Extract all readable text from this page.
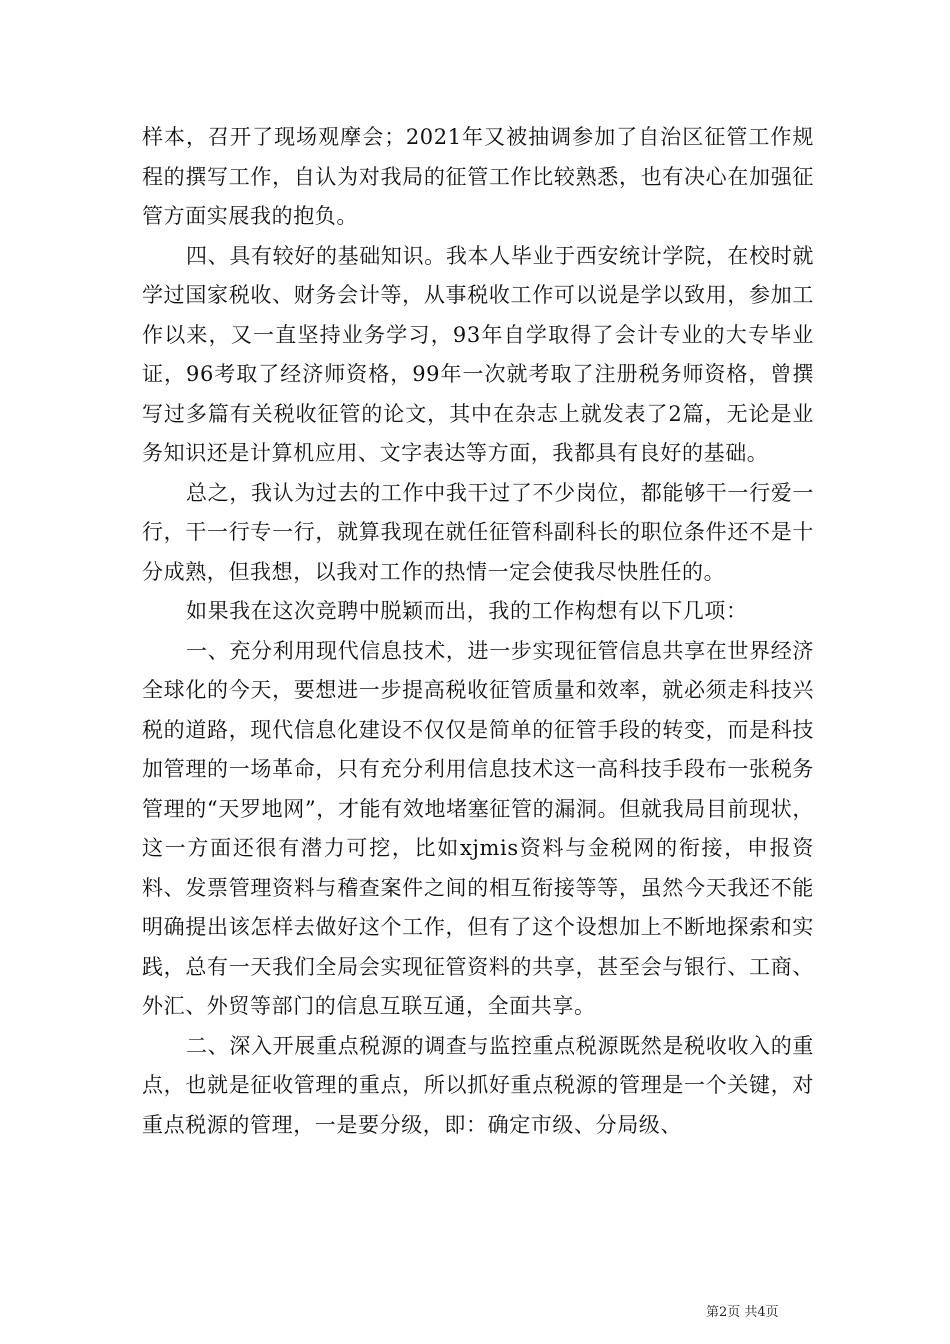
样本，召开了现场观摩会；2021年又被抽调参加了自治区征管工作规程的撰写工作，自认为对我局的征管工作比较熟悉，也有决心在加强征管方面实展我的抱负。

四、具有较好的基础知识。我本人毕业于西安统计学院，在校时就学过国家税收、财务会计等，从事税收工作可以说是学以致用，参加工作以来，又一直坚持业务学习，93年自学取得了会计专业的大专毕业证，96考取了经济师资格，99年一次就考取了注册税务师资格，曾撰写过多篇有关税收征管的论文，其中在杂志上就发表了2篇，无论是业务知识还是计算机应用、文字表达等方面，我都具有良好的基础。

总之，我认为过去的工作中我干过了不少岗位，都能够干一行爱一行，干一行专一行，就算我现在就任征管科副科长的职位条件还不是十分成熟，但我想，以我对工作的热情一定会使我尽快胜任的。

如果我在这次竞聘中脱颖而出，我的工作构想有以下几项：

一、充分利用现代信息技术，进一步实现征管信息共享在世界经济全球化的今天，要想进一步提高税收征管质量和效率，就必须走科技兴税的道路，现代信息化建设不仅仅是简单的征管手段的转变，而是科技加管理的一场革命，只有充分利用信息技术这一高科技手段布一张税务管理的“天罗地网”，才能有效地堵塞征管的漏洞。但就我局目前现状，这一方面还很有潜力可挖，比如xjmis资料与金税网的衔接，申报资料、发票管理资料与稽查案件之间的相互衔接等等，虽然今天我还不能明确提出该怎样去做好这个工作，但有了这个设想加上不断地探索和实践，总有一天我们全局会实现征管资料的共享，甚至会与银行、工商、外汇、外贸等部门的信息互联互通，全面共享。

二、深入开展重点税源的调查与监控重点税源既然是税收收入的重点，也就是征收管理的重点，所以抓好重点税源的管理是一个关键，对重点税源的管理，一是要分级，即：确定市级、分局级、

第2页 共4页
